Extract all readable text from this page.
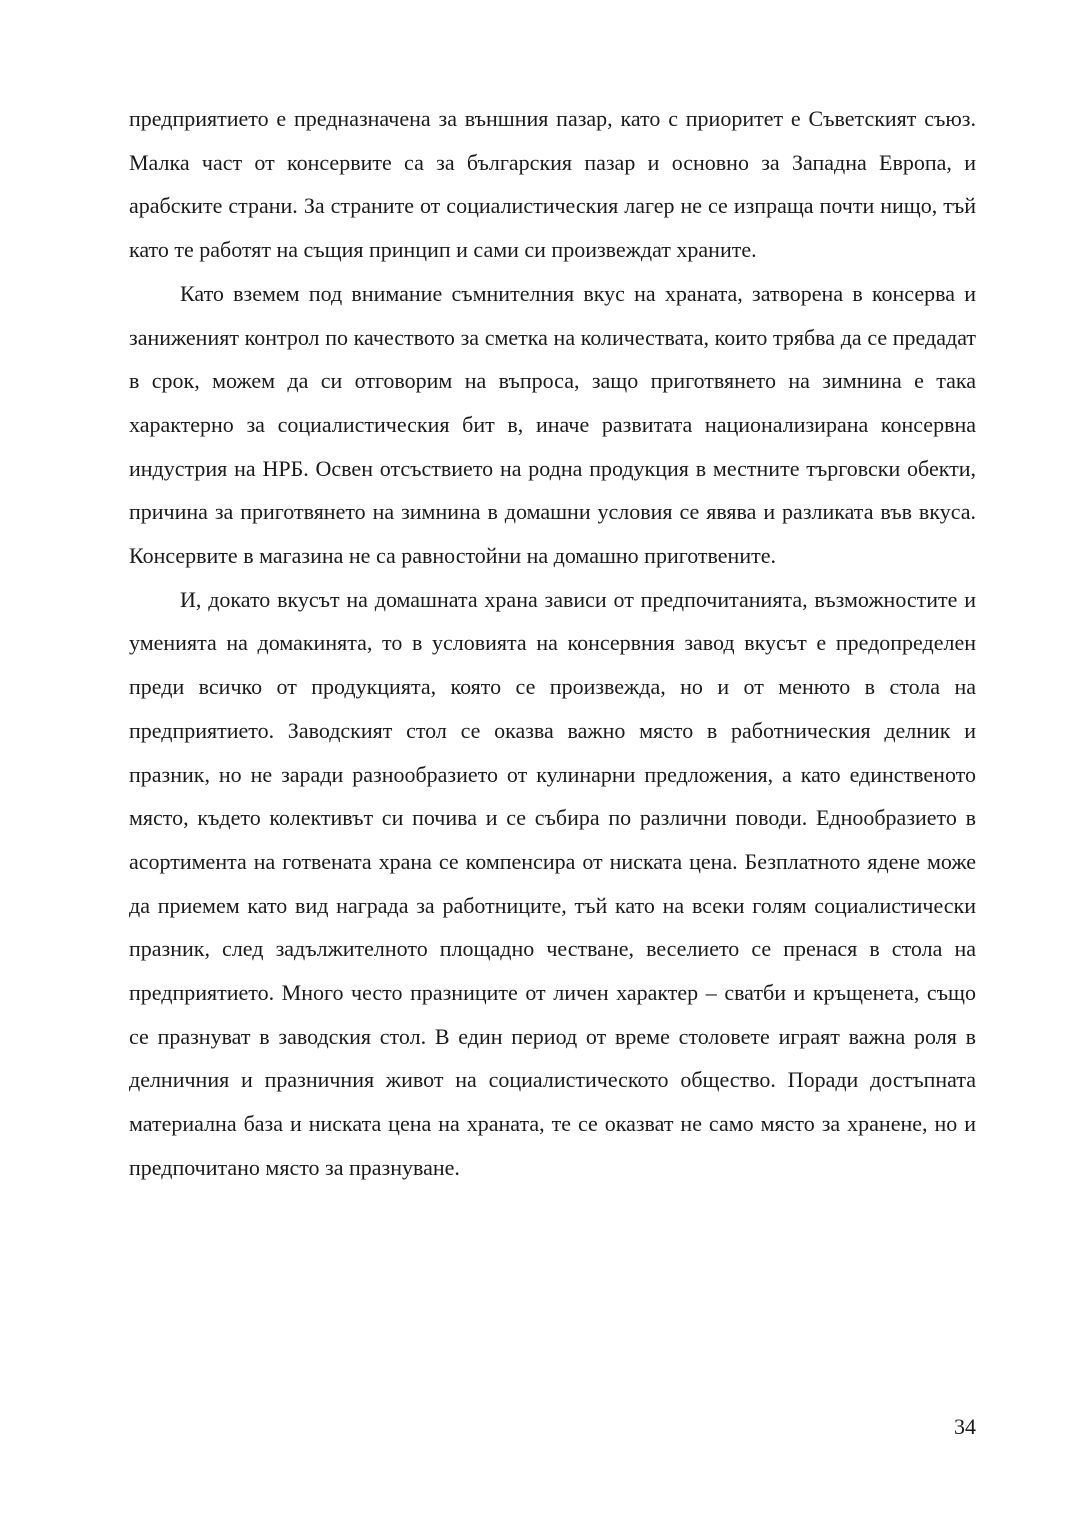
предприятието е предназначена за външния пазар, като с приоритет е Съветският съюз. Малка част от консервите са за българския пазар и основно за Западна Европа, и арабските страни. За страните от социалистическия лагер не се изпраща почти нищо, тъй като те работят на същия принцип и сами си произвеждат храните.

Като вземем под внимание съмнителния вкус на храната, затворена в консерва и заниженият контрол по качеството за сметка на количествата, които трябва да се предадат в срок, можем да си отговорим на въпроса, защо приготвянето на зимнина е така характерно за социалистическия бит в, иначе развитата национализирана консервна индустрия на НРБ. Освен отсъствието на родна продукция в местните търговски обекти, причина за приготвянето на зимнина в домашни условия се явява и разликата във вкуса. Консервите в магазина не са равностойни на домашно приготвените.

И, докато вкусът на домашната храна зависи от предпочитанията, възможностите и уменията на домакинята, то в условията на консервния завод вкусът е предопределен преди всичко от продукцията, която се произвежда, но и от менюто в стола на предприятието. Заводският стол се оказва важно място в работническия делник и празник, но не заради разнообразието от кулинарни предложения, а като единственото място, където колективът си почива и се събира по различни поводи. Еднообразието в асортимента на готвената храна се компенсира от ниската цена. Безплатното ядене може да приемем като вид награда за работниците, тъй като на всеки голям социалистически празник, след задължителното площадно честване, веселието се пренася в стола на предприятието. Много често празниците от личен характер – сватби и кръщенета, също се празнуват в заводския стол. В един период от време столовете играят важна роля в делничния и празничния живот на социалистическото общество. Поради достъпната материална база и ниската цена на храната, те се оказват не само място за хранене, но и предпочитано място за празнуване.

34
